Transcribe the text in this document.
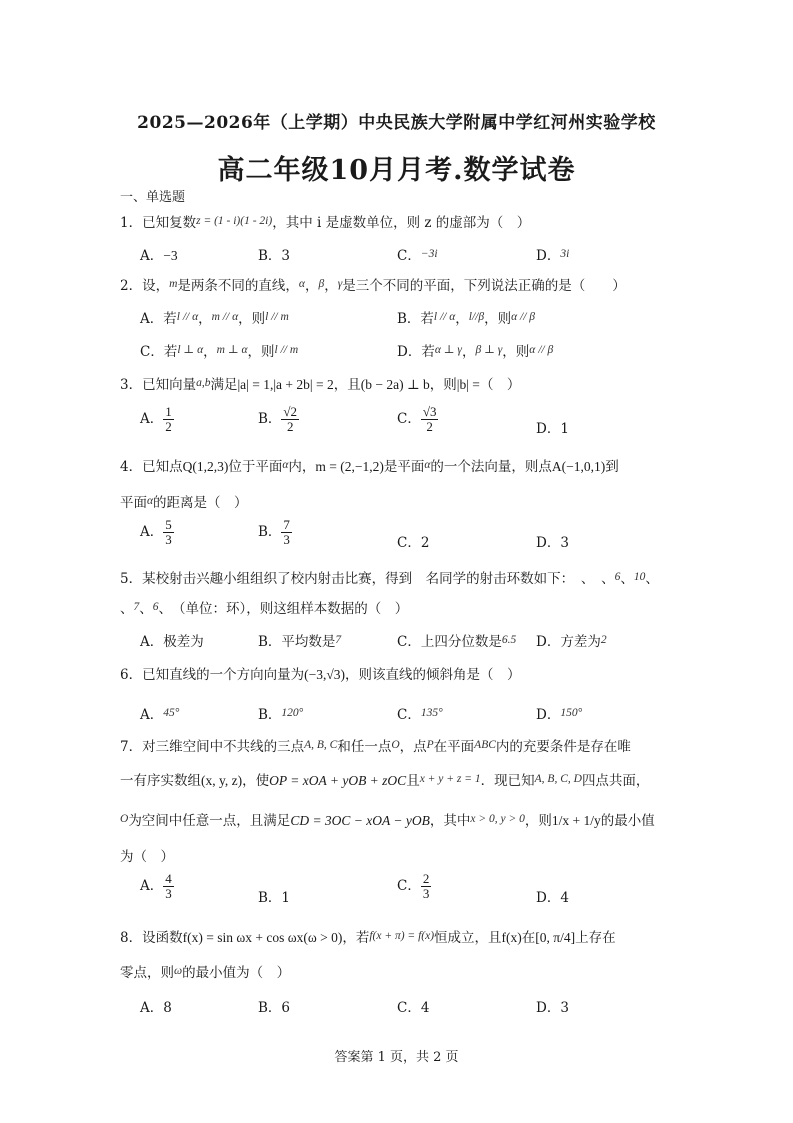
2025—2026年（上学期）中央民族大学附属中学红河州实验学校
高二年级10月月考.数学试卷
一、单选题
1．已知复数z = (1 - i)(1 - 2i)，其中 i 是虚数单位，则 z 的虚部为（　）
A．−3	B．3	C．−3i	D．3i
2．设，m是两条不同的直线，α，β，γ是三个不同的平面，下列说法正确的是（　　）
A．若l // α，m // α，则l // m	B．若l // α，l//β，则α // β
C．若l ⊥ α，m ⊥ α，则l // m	D．若α ⊥ γ，β ⊥ γ，则α // β
3．已知向量a,b满足|a| = 1,|a + 2b| = 2，且(b − 2a) ⊥ b，则|b| =（　）
A． $\frac{1}{2}$	B． $\frac{√2}{2}$	C． $\frac{√3}{2}$	D．1
4．已知点Q(1,2,3)位于平面α内，m = (2,−1,2)是平面α的一个法向量，则点A(−1,0,1)到
平面α的距离是（　）
A． $\frac{5}{3}$	B． $\frac{7}{3}$	C．2	D．3
5．某校射击兴趣小组组织了校内射击比赛，得到　名同学的射击环数如下：　、　、6、10、
、7、6、　（单位：环），则这组样本数据的（　）
A．极差为	B．平均数是7	C．上四分位数是6.5 D．方差为2
6．已知直线的一个方向向量为(−3,√3)，则该直线的倾斜角是（　）
A．45°	B．120°	C．135°	D．150°
7．对三维空间中不共线的三点A, B, C和任一点O，点P在平面ABC内的充要条件是存在唯
一有序实数组(x, y, z)，使OP = xOA + yOB + zOC且x + y + z = 1．现已知A, B, C, D四点共面，
O为空间中任意一点，且满足CD = 3OC − xOA − yOB，其中x > 0, y > 0，则1/x + 1/y的最小值
为（　）
A． $\frac{4}{3}$	B．1
C． $\frac{2}{3}$	D．4
8．设函数f(x) = sin ωx + cos ωx(ω > 0)，若f(x + π) = f(x)恒成立，且f(x)在[0, π/4]上存在
零点，则ω的最小值为（　）
A．8	B．6	C．4	D．3
答案第 1 页，共 2 页
